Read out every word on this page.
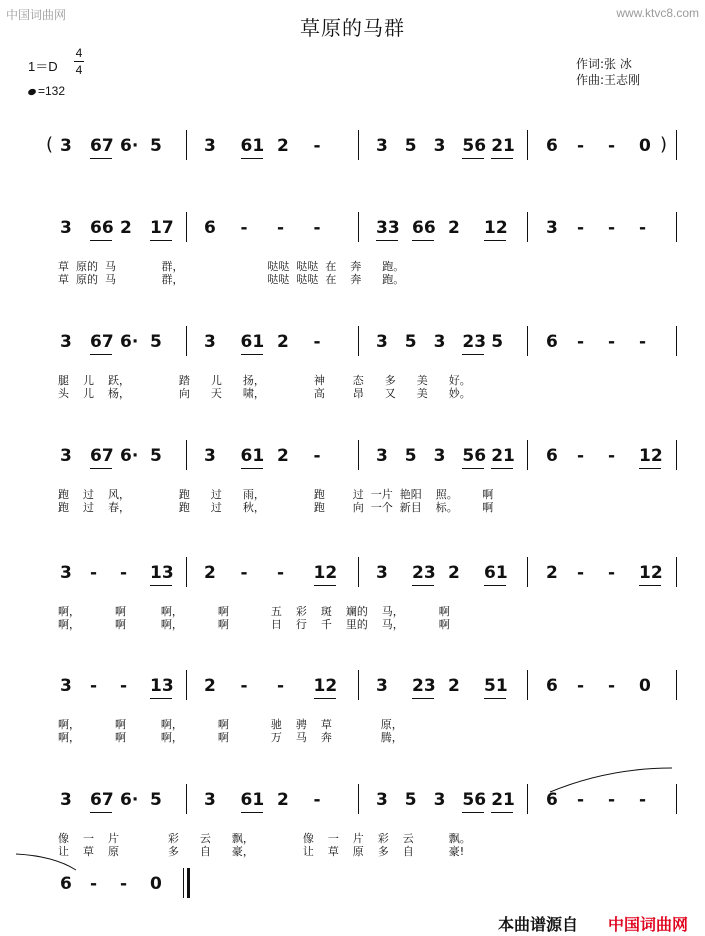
中国词曲网	www.ktvc8.com
草原的马群
作词:张 冰
作曲:王志刚
1＝D
4
4
=132
( 3 67 6· 5 3 61 2 -	3 5 3 56 21 6 - - 0 )
3 66 2 17 6 - - -	33 66 2 12 3 - - -
草  原的  马             群，                        哒哒  哒哒  在    奔      跑。
草  原的  马             群，                        哒哒  哒哒  在    奔      跑。
3 67 6· 5 3 61 2 -	3 5 3 23 5	6 - - -
腿    儿    跃，              踏      儿      扬，              神        态      多      美      好。
头    儿    杨，              向      天      啸，              高        昂      又      美      妙。
3 67 6· 5 3 61 2 -	3 5 3 56 21 6 - - 12
跑    过    风，              跑      过      雨，              跑        过  一片  艳阳    照。       啊
跑    过    春，              跑      过      秋，              跑        向  一个  新目    标。       啊
3 - - 13 2 - - 12 3 23 2 61 2 - - 12
啊，          啊          啊，          啊            五    彩    斑    斓的    马，          啊
啊，          啊          啊，          啊            日    行    千    里的    马，          啊
3 - - 13 2 - - 12 3 23 2 51 6 - - 0
啊，          啊          啊，          啊            驰    骋    草              原，
啊，          啊          啊，          啊            万    马    奔              腾，
3 67 6· 5 3 61 2 -	3 5 3 56 21 6 - - -
像    一    片              彩      云      飘，              像    一    片    彩    云          飘。
让    草    原              多      自      豪，              让    草    原    多    自          豪!
6 - - 0
本曲谱源自 中国词曲网
